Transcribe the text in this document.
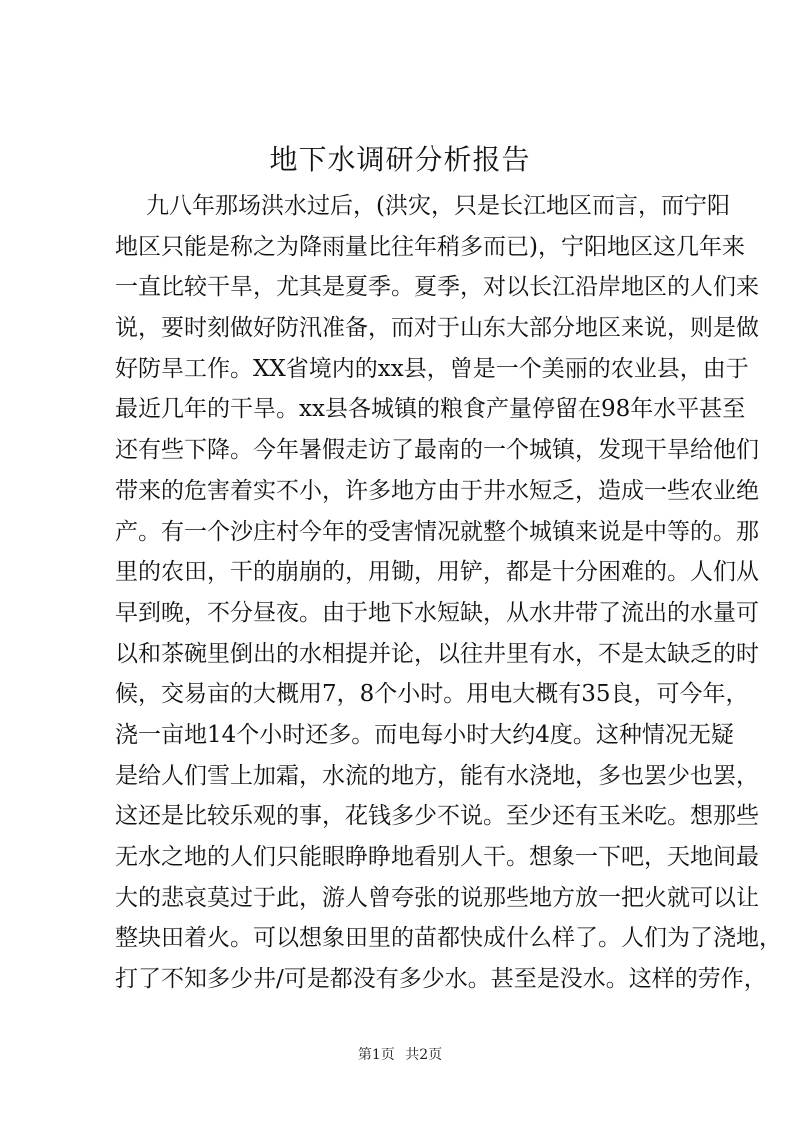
地下水调研分析报告
九八年那场洪水过后，(洪灾，只是长江地区而言，而宁阳
地区只能是称之为降雨量比往年稍多而已)，宁阳地区这几年来
一直比较干旱，尤其是夏季。夏季，对以长江沿岸地区的人们来
说，要时刻做好防汛准备，而对于山东大部分地区来说，则是做
好防旱工作。XX省境内的xx县，曾是一个美丽的农业县，由于
最近几年的干旱。xx县各城镇的粮食产量停留在98年水平甚至
还有些下降。今年暑假走访了最南的一个城镇，发现干旱给他们
带来的危害着实不小，许多地方由于井水短乏，造成一些农业绝
产。有一个沙庄村今年的受害情况就整个城镇来说是中等的。那
里的农田，干的崩崩的，用锄，用铲，都是十分困难的。人们从
早到晚，不分昼夜。由于地下水短缺，从水井带了流出的水量可
以和茶碗里倒出的水相提并论，以往井里有水，不是太缺乏的时
候，交易亩的大概用7，8个小时。用电大概有35良，可今年，
浇一亩地14个小时还多。而电每小时大约4度。这种情况无疑
是给人们雪上加霜，水流的地方，能有水浇地，多也罢少也罢，
这还是比较乐观的事，花钱多少不说。至少还有玉米吃。想那些
无水之地的人们只能眼睁睁地看别人干。想象一下吧，天地间最
大的悲哀莫过于此，游人曾夸张的说那些地方放一把火就可以让
整块田着火。可以想象田里的苗都快成什么样了。人们为了浇地，
打了不知多少井/可是都没有多少水。甚至是没水。这样的劳作，
第1页 共2页
